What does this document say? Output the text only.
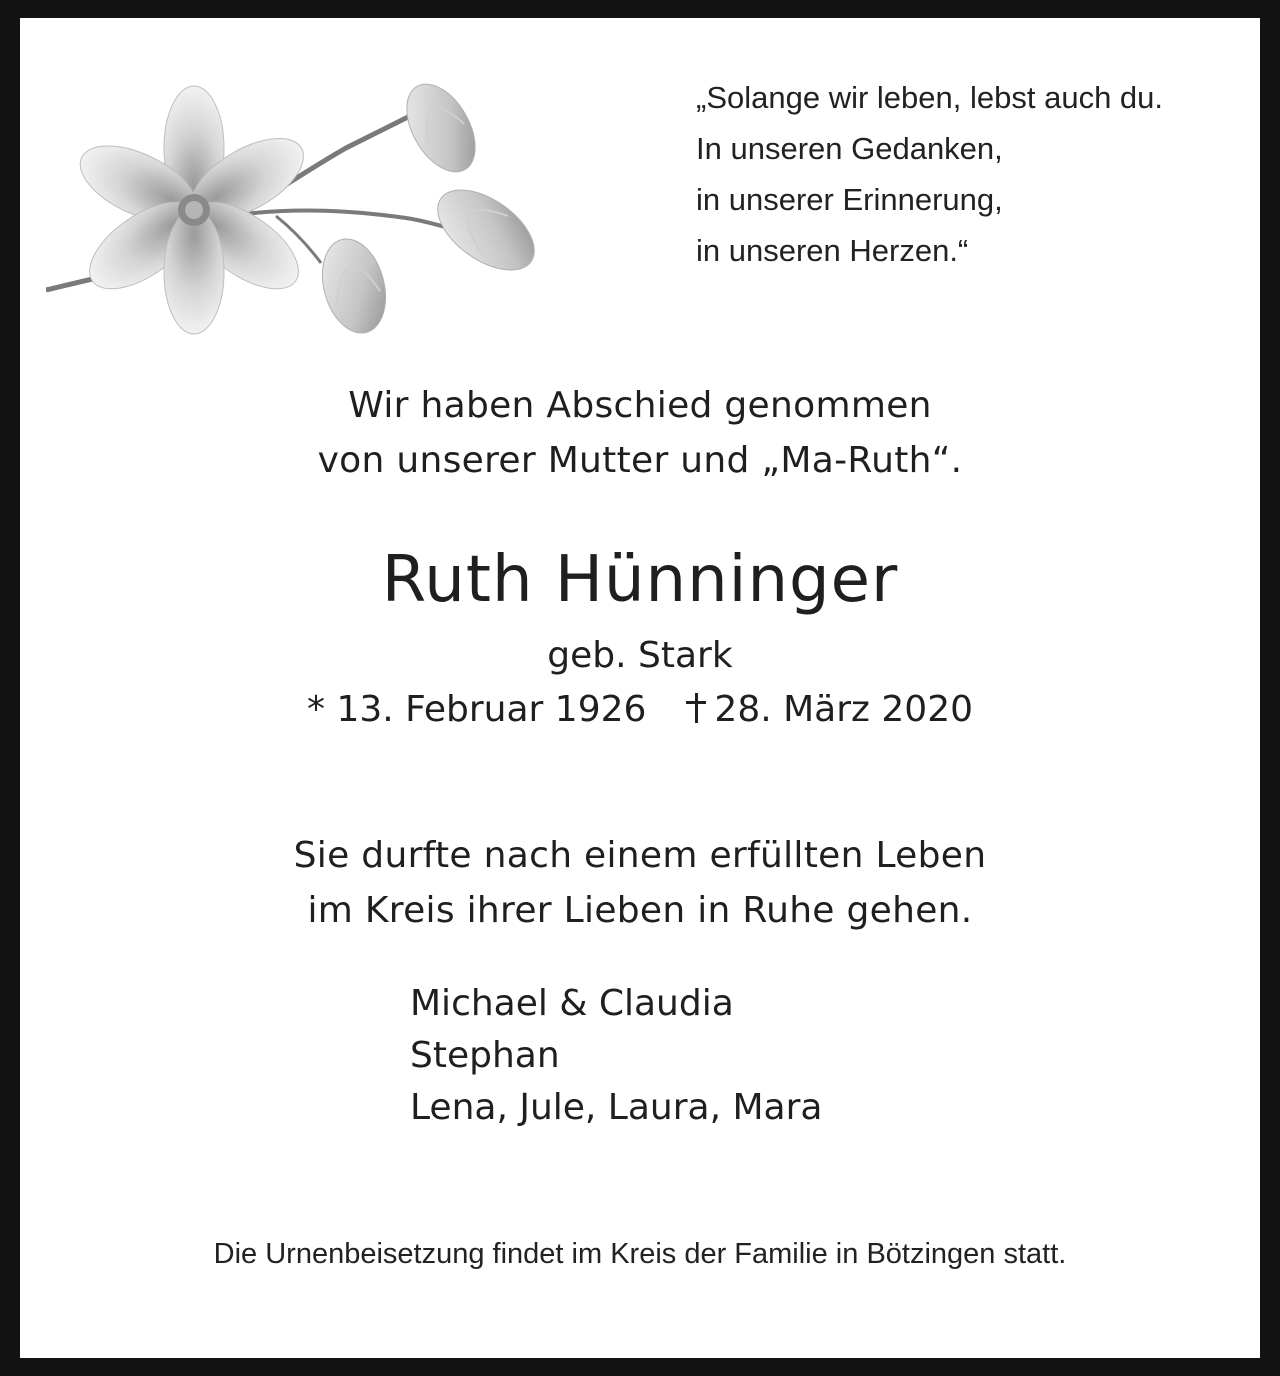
„Solange wir leben, lebst auch du.
In unseren Gedanken,
in unserer Erinnerung,
in unseren Herzen.“
Wir haben Abschied genommen
von unserer Mutter und „Ma-Ruth“.
Ruth Hünninger
geb. Stark
* 13. Februar 1926 28. März 2020
Sie durfte nach einem erfüllten Leben
im Kreis ihrer Lieben in Ruhe gehen.
Michael & Claudia
Stephan
Lena, Jule, Laura, Mara
Die Urnenbeisetzung findet im Kreis der Familie in Bötzingen statt.
